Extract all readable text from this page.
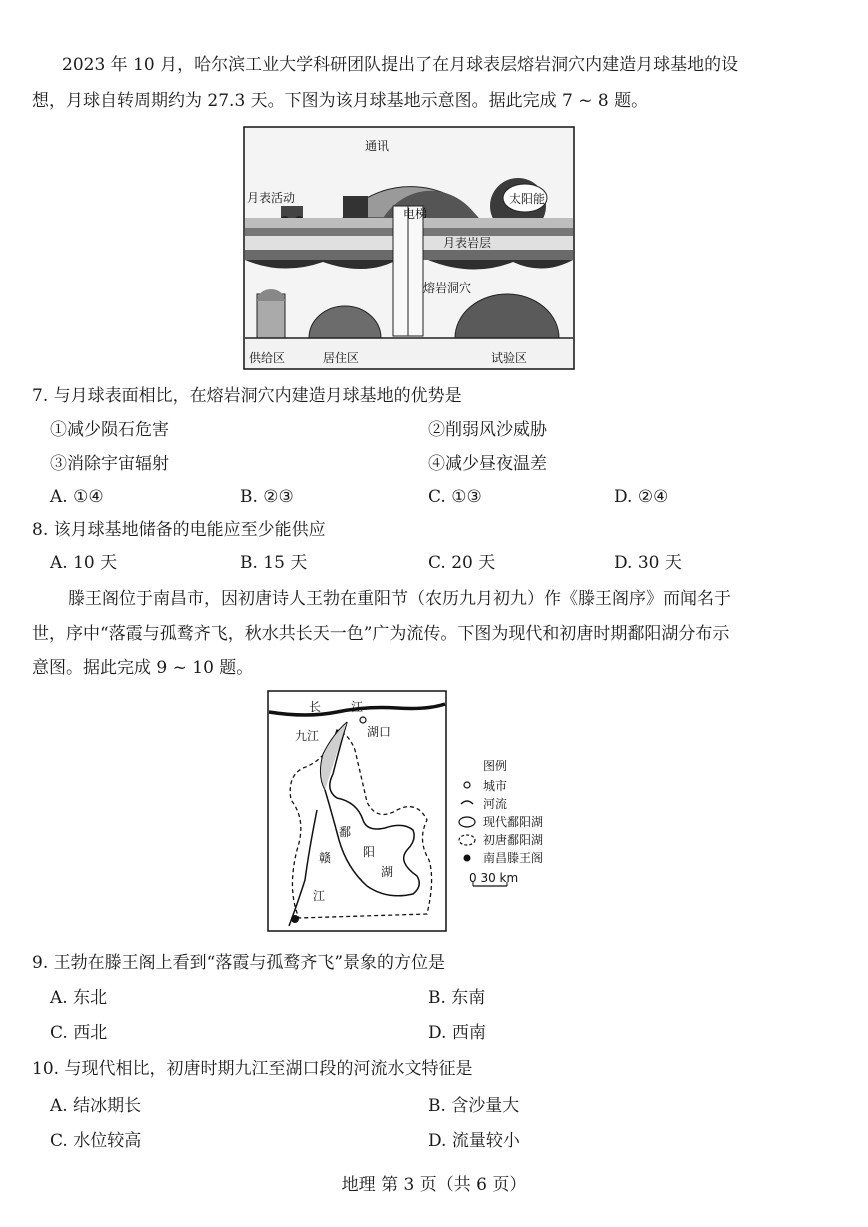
2023 年 10 月，哈尔滨工业大学科研团队提出了在月球表层熔岩洞穴内建造月球基地的设
想，月球自转周期约为 27.3 天。下图为该月球基地示意图。据此完成 7 ~ 8 题。
通讯
月表活动	太阳能
电梯
月表岩层
熔岩洞穴
供给区	居住区	试验区
7. 与月球表面相比，在熔岩洞穴内建造月球基地的优势是
①减少陨石危害	②削弱风沙威胁
③消除宇宙辐射	④减少昼夜温差
A. ①④	B. ②③	C. ①③	D. ②④
8. 该月球基地储备的电能应至少能供应
A. 10 天	B. 15 天	C. 20 天	D. 30 天
滕王阁位于南昌市，因初唐诗人王勃在重阳节（农历九月初九）作《滕王阁序》而闻名于
世，序中“落霞与孤鹜齐飞，秋水共长天一色”广为流传。下图为现代和初唐时期鄱阳湖分布示
意图。据此完成 9 ~ 10 题。
长 江
九江	湖口
鄱
阳
湖
赣
江
图例
城市
河流
现代鄱阳湖
初唐鄱阳湖
南昌滕王阁
0 30 km
9. 王勃在滕王阁上看到“落霞与孤鹜齐飞”景象的方位是
A. 东北	B. 东南
C. 西北	D. 西南
10. 与现代相比，初唐时期九江至湖口段的河流水文特征是
A. 结冰期长	B. 含沙量大
C. 水位较高	D. 流量较小
地理 第 3 页（共 6 页）
